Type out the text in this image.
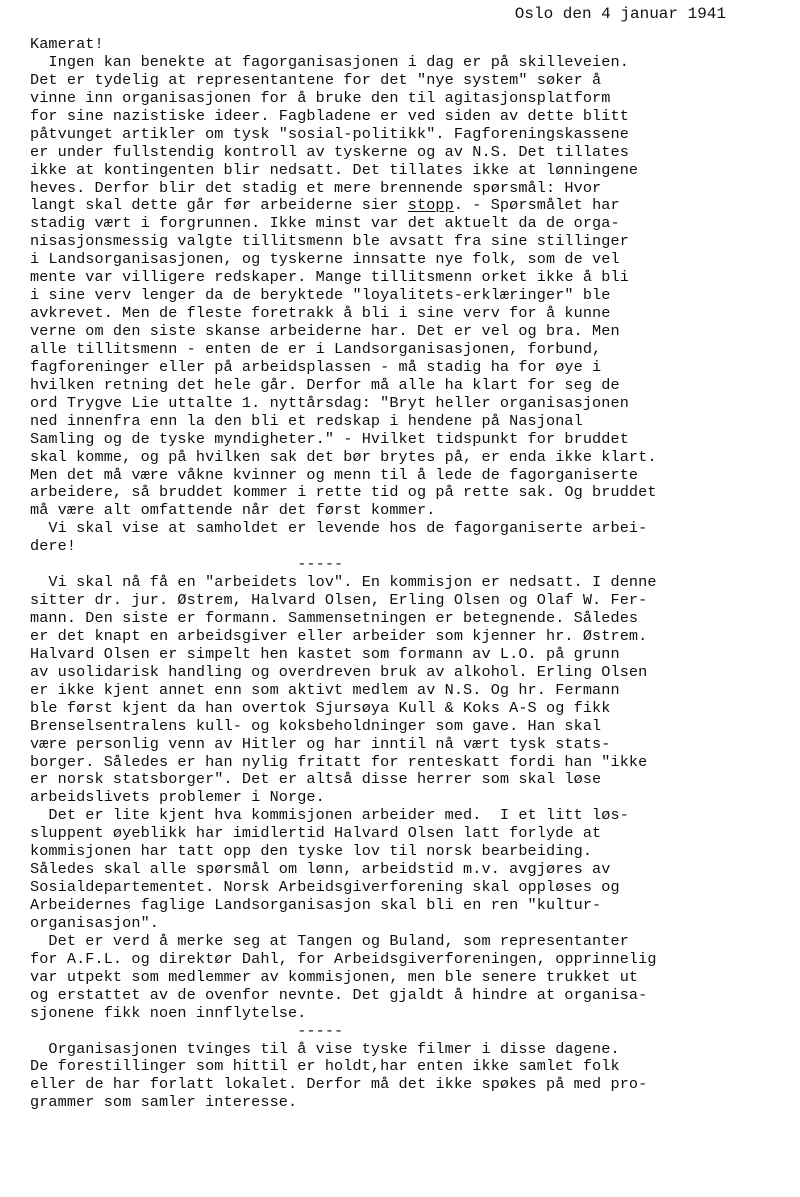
Oslo den 4 januar 1941
Kamerat!
Ingen kan benekte at fagorganisasjonen i dag er på skilleveien.
Det er tydelig at representantene for det "nye system" søker å
vinne inn organisasjonen for å bruke den til agitasjonsplatform
for sine nazistiske ideer. Fagbladene er ved siden av dette blitt
påtvunget artikler om tysk "sosial-politikk". Fagforeningskassene
er under fullstendig kontroll av tyskerne og av N.S. Det tillates
ikke at kontingenten blir nedsatt. Det tillates ikke at lønningene
heves. Derfor blir det stadig et mere brennende spørsmål: Hvor
langt skal dette går før arbeiderne sier stopp. - Spørsmålet har
stadig vært i forgrunnen. Ikke minst var det aktuelt da de orga-
nisasjonsmessig valgte tillitsmenn ble avsatt fra sine stillinger
i Landsorganisasjonen, og tyskerne innsatte nye folk, som de vel
mente var villigere redskaper. Mange tillitsmenn orket ikke å bli
i sine verv lenger da de beryktede "loyalitets-erklæringer" ble
avkrevet. Men de fleste foretrakk å bli i sine verv for å kunne
verne om den siste skanse arbeiderne har. Det er vel og bra. Men
alle tillitsmenn - enten de er i Landsorganisasjonen, forbund,
fagforeninger eller på arbeidsplassen - må stadig ha for øye i
hvilken retning det hele går. Derfor må alle ha klart for seg de
ord Trygve Lie uttalte 1. nyttårsdag: "Bryt heller organisasjonen
ned innenfra enn la den bli et redskap i hendene på Nasjonal
Samling og de tyske myndigheter." - Hvilket tidspunkt for bruddet
skal komme, og på hvilken sak det bør brytes på, er enda ikke klart.
Men det må være våkne kvinner og menn til å lede de fagorganiserte
arbeidere, så bruddet kommer i rette tid og på rette sak. Og bruddet
må være alt omfattende når det først kommer.
Vi skal vise at samholdet er levende hos de fagorganiserte arbei-
dere!
-----
Vi skal nå få en "arbeidets lov". En kommisjon er nedsatt. I denne
sitter dr. jur. Østrem, Halvard Olsen, Erling Olsen og Olaf W. Fer-
mann. Den siste er formann. Sammensetningen er betegnende. Således
er det knapt en arbeidsgiver eller arbeider som kjenner hr. Østrem.
Halvard Olsen er simpelt hen kastet som formann av L.O. på grunn
av usolidarisk handling og overdreven bruk av alkohol. Erling Olsen
er ikke kjent annet enn som aktivt medlem av N.S. Og hr. Fermann
ble først kjent da han overtok Sjursøya Kull & Koks A-S og fikk
Brenselsentralens kull- og koksbeholdninger som gave. Han skal
være personlig venn av Hitler og har inntil nå vært tysk stats-
borger. Således er han nylig fritatt for renteskatt fordi han "ikke
er norsk statsborger". Det er altså disse herrer som skal løse
arbeidslivets problemer i Norge.
Det er lite kjent hva kommisjonen arbeider med.  I et litt løs-
sluppent øyeblikk har imidlertid Halvard Olsen latt forlyde at
kommisjonen har tatt opp den tyske lov til norsk bearbeiding.
Således skal alle spørsmål om lønn, arbeidstid m.v. avgjøres av
Sosialdepartementet. Norsk Arbeidsgiverforening skal oppløses og
Arbeidernes faglige Landsorganisasjon skal bli en ren "kultur-
organisasjon".
Det er verd å merke seg at Tangen og Buland, som representanter
for A.F.L. og direktør Dahl, for Arbeidsgiverforeningen, opprinnelig
var utpekt som medlemmer av kommisjonen, men ble senere trukket ut
og erstattet av de ovenfor nevnte. Det gjaldt å hindre at organisa-
sjonene fikk noen innflytelse.
-----
Organisasjonen tvinges til å vise tyske filmer i disse dagene.
De forestillinger som hittil er holdt,har enten ikke samlet folk
eller de har forlatt lokalet. Derfor må det ikke spøkes på med pro-
grammer som samler interesse.
